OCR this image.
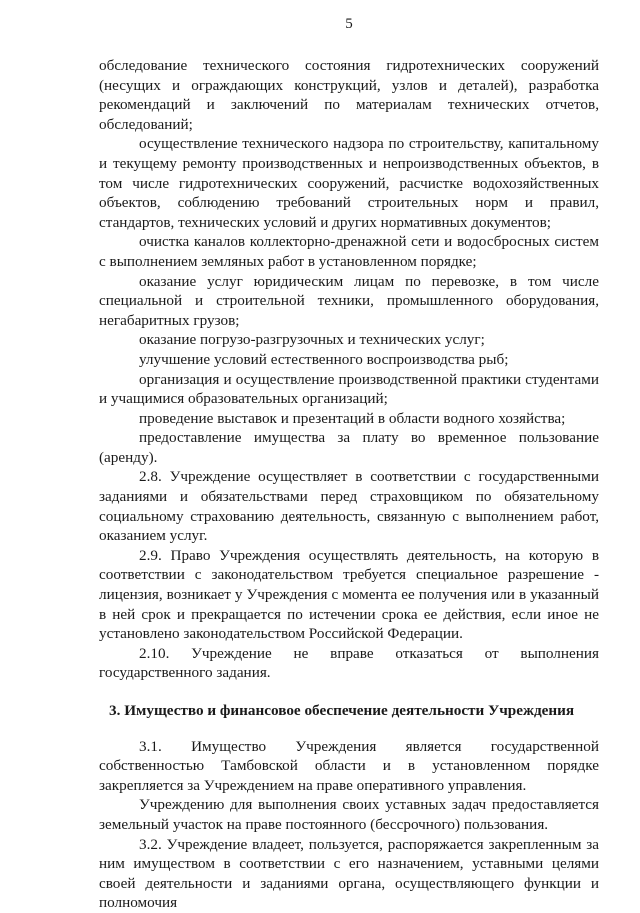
5

обследование технического состояния гидротехнических сооружений (несущих и ограждающих конструкций, узлов и деталей), разработка рекомендаций и заключений по материалам технических отчетов, обследований;

осуществление технического надзора по строительству, капитальному и текущему ремонту производственных и непроизводственных объектов, в том числе гидротехнических сооружений, расчистке водохозяйственных объектов, соблюдению требований строительных норм и правил, стандартов, технических условий и других нормативных документов;

очистка каналов коллекторно-дренажной сети и водосбросных систем с выполнением земляных работ в установленном порядке;

оказание услуг юридическим лицам по перевозке, в том числе специальной и строительной техники, промышленного оборудования, негабаритных грузов;

оказание погрузо-разгрузочных и технических услуг;

улучшение условий естественного воспроизводства рыб;

организация и осуществление производственной практики студентами и учащимися образовательных организаций;

проведение выставок и презентаций в области водного хозяйства;

предоставление имущества за плату во временное пользование (аренду).

2.8. Учреждение осуществляет в соответствии с государственными заданиями и обязательствами перед страховщиком по обязательному социальному страхованию деятельность, связанную с выполнением работ, оказанием услуг.

2.9. Право Учреждения осуществлять деятельность, на которую в соответствии с законодательством требуется специальное разрешение - лицензия, возникает у Учреждения с момента ее получения или в указанный в ней срок и прекращается по истечении срока ее действия, если иное не установлено законодательством Российской Федерации.

2.10. Учреждение не вправе отказаться от выполнения государственного задания.

3. Имущество и финансовое обеспечение деятельности Учреждения

3.1. Имущество Учреждения является государственной собственностью Тамбовской области и в установленном порядке закрепляется за Учреждением на праве оперативного управления.

Учреждению для выполнения своих уставных задач предоставляется земельный участок на праве постоянного (бессрочного) пользования.

3.2. Учреждение владеет, пользуется, распоряжается закрепленным за ним имуществом в соответствии с его назначением, уставными целями своей деятельности и заданиями органа, осуществляющего функции и полномочия
